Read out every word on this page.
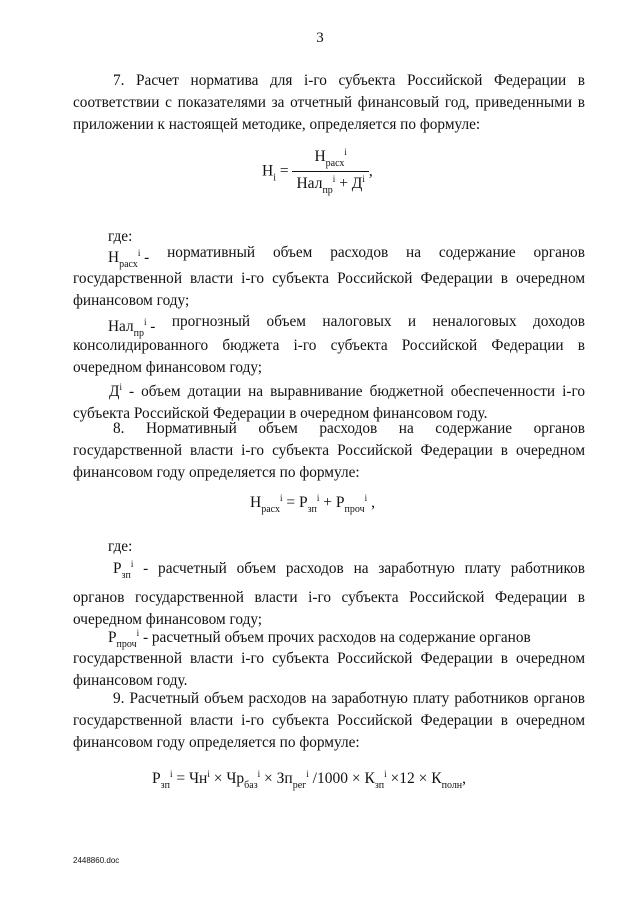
3

7. Расчет норматива для i-го субъекта Российской Федерации в соответствии с показателями за отчетный финансовый год, приведенными в приложении к настоящей методике, определяется по формуле:

$Н_i = \frac{Н_{расх}^i}{Нал_{пр}^i + Д^i}$ ,
где:
$Н_{расх}^i$ - нормативный объем расходов на содержание органов

государственной власти i-го субъекта Российской Федерации в очередном финансовом году;

Нал$_{пр}^i$ - прогнозный объем налоговых и неналоговых доходов

консолидированного бюджета i-го субъекта Российской Федерации в очередном финансовом году;

$Д^i$ - объем дотации на выравнивание бюджетной обеспеченности i-го субъекта Российской Федерации в очередном финансовом году.

8. Нормативный объем расходов на содержание органов государственной власти i-го субъекта Российской Федерации в очередном финансовом году определяется по формуле:

$Н_{расх}^i = Р_{зп}^i + Р_{проч}^i$ ,
где:

$Р_{зп}^i$ - расчетный объем расходов на заработную плату работников органов государственной власти i-го субъекта Российской Федерации в очередном финансовом году;

$Р_{проч}^i$ - расчетный объем прочих расходов на содержание органов

государственной власти i-го субъекта Российской Федерации в очередном финансовом году.

9. Расчетный объем расходов на заработную плату работников органов государственной власти i-го субъекта Российской Федерации в очередном финансовом году определяется по формуле:

$Р_{зп}^i = Чн^i \times Чр_{баз}^i \times Зп_{рег}^i$ $/1000 \times К_{зп}^i \times 12 \times К_{полн}$,
2448860.doc
